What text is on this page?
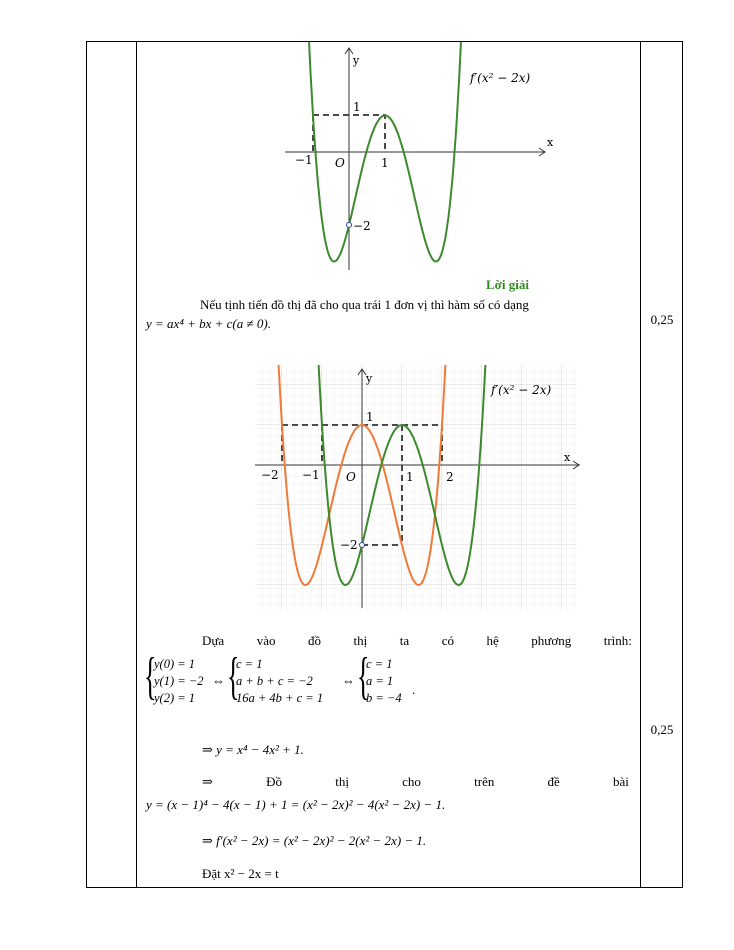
0,25
0,25
x
y
O
−1	1
1
−2
f′(x² − 2x)
Lời giải
Nếu tịnh tiến đồ thị đã cho qua trái 1 đơn vị thì hàm số có dạng
y = ax⁴ + bx + c(a ≠ 0).
x
y
O
−2 −1	1	2
1
−2
f′(x² − 2x)
Dựa	vào	đồ	thị	ta	có	hệ	phương	trình:
{
y(0) = 1
y(1) = −2
y(2) = 1
⇔ {
c = 1
a + b + c = −2
16a + 4b + c = 1
⇔ {
c = 1
a = 1
b = −4
.
⇒ y = x⁴ − 4x² + 1.
⇒	Đồ	thị	cho	trên	đề	bài
y = (x − 1)⁴ − 4(x − 1) + 1 = (x² − 2x)² − 4(x² − 2x) − 1.
⇒ f′(x² − 2x) = (x² − 2x)² − 2(x² − 2x) − 1.
Đặt x² − 2x = t
